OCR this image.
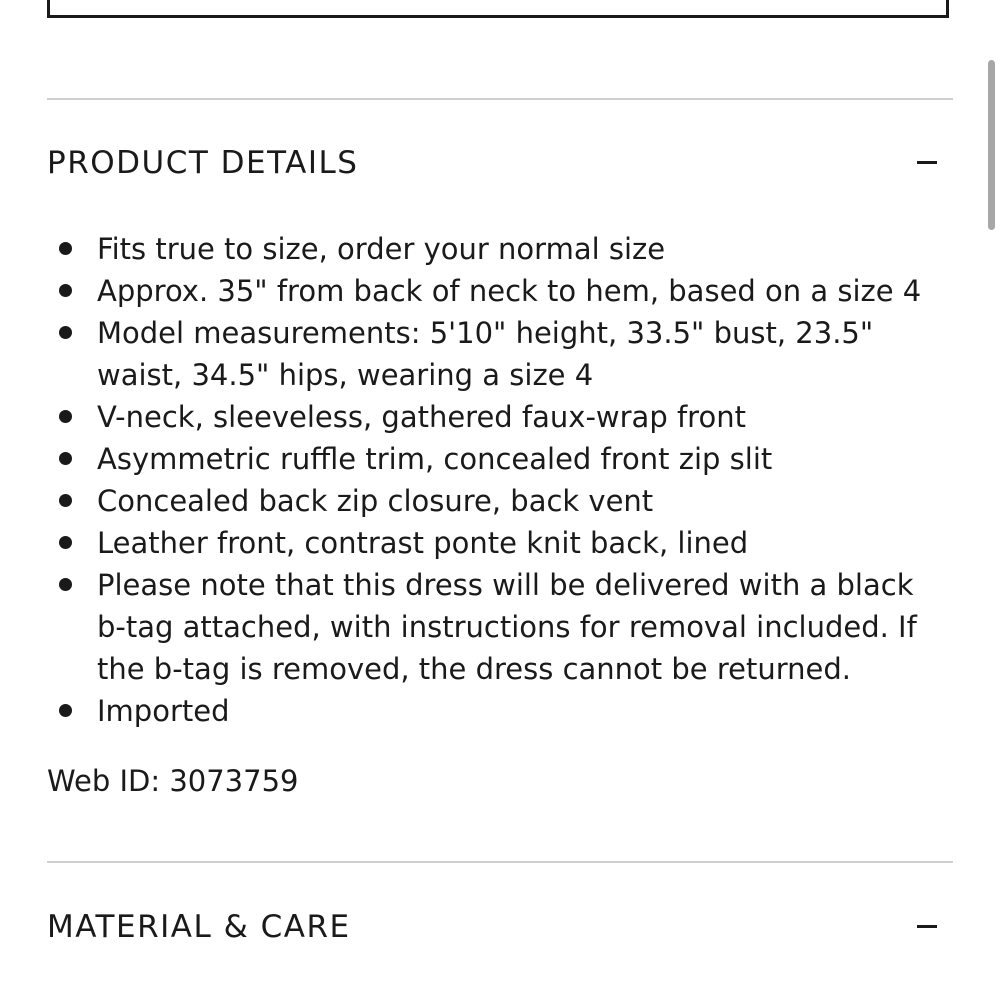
PRODUCT DETAILS
Fits true to size, order your normal size
Approx. 35" from back of neck to hem, based on a size 4
Model measurements: 5'10" height, 33.5" bust, 23.5" waist, 34.5" hips, wearing a size 4
V-neck, sleeveless, gathered faux-wrap front
Asymmetric ruffle trim, concealed front zip slit
Concealed back zip closure, back vent
Leather front, contrast ponte knit back, lined
Please note that this dress will be delivered with a black b-tag attached, with instructions for removal included. If the b-tag is removed, the dress cannot be returned.
Imported
Web ID: 3073759
MATERIAL & CARE
